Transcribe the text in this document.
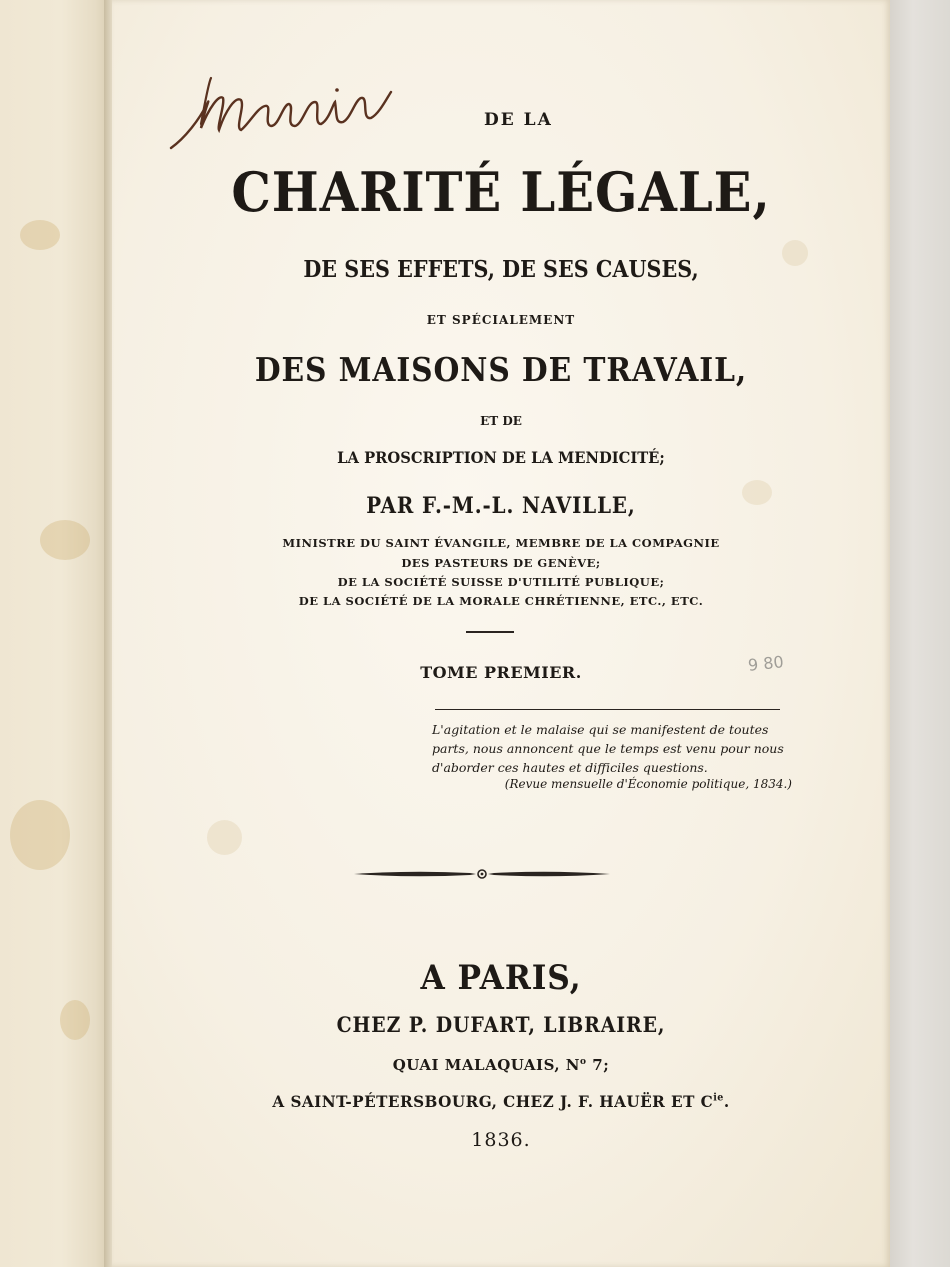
DE LA
CHARITÉ LÉGALE,
DE SES EFFETS, DE SES CAUSES,
ET SPÉCIALEMENT
DES MAISONS DE TRAVAIL,
ET DE
LA PROSCRIPTION DE LA MENDICITÉ;
PAR F.-M.-L. NAVILLE,
MINISTRE DU SAINT ÉVANGILE, MEMBRE DE LA COMPAGNIE
DES PASTEURS DE GENÈVE;
DE LA SOCIÉTÉ SUISSE D'UTILITÉ PUBLIQUE;
DE LA SOCIÉTÉ DE LA MORALE CHRÉTIENNE, ETC., ETC.
TOME PREMIER.
L'agitation et le malaise qui se manifestent de toutes
parts, nous annoncent que le temps est venu pour nous
d'aborder ces hautes et difficiles questions.
(Revue mensuelle d'Économie politique, 1834.)
A PARIS,
CHEZ P. DUFART, LIBRAIRE,
QUAI MALAQUAIS, $N^o$ 7;
A SAINT-PÉTERSBOURG, CHEZ J. F. HAUËR ET $C^{ie}$.
1836.
9 80
